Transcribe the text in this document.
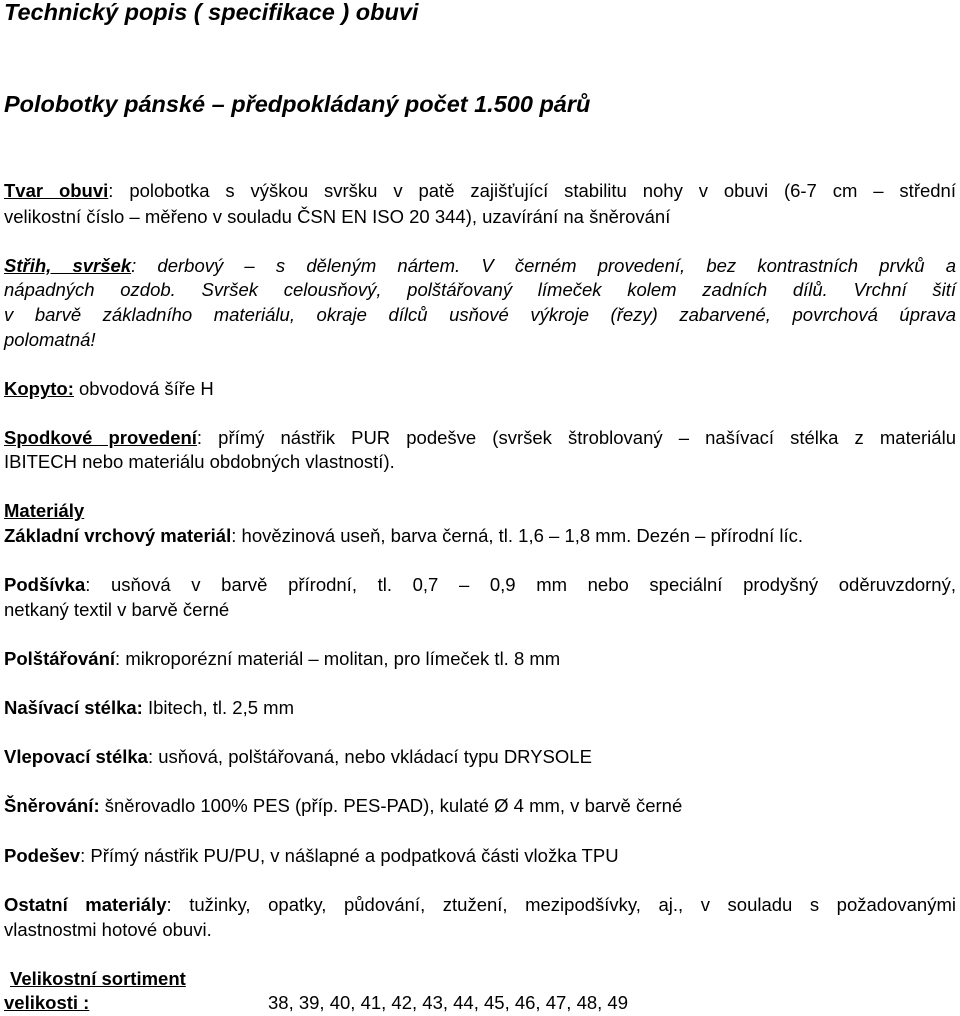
Technický popis ( specifikace ) obuvi
Polobotky pánské – předpokládaný počet 1.500 párů
Tvar obuvi: polobotka s výškou svršku v patě zajišťující stabilitu nohy v obuvi (6-7 cm – střední
velikostní číslo – měřeno v souladu ČSN EN ISO 20 344), uzavírání na šněrování
Střih, svršek: derbový – s děleným nártem. V černém provedení, bez kontrastních prvků a
nápadných ozdob. Svršek celousňový, polštářovaný límeček kolem zadních dílů. Vrchní šití
v barvě základního materiálu, okraje dílců usňové výkroje (řezy) zabarvené, povrchová úprava
polomatná!
Kopyto: obvodová šíře H
Spodkové provedení: přímý nástřik PUR podešve (svršek štroblovaný – našívací stélka z materiálu
IBITECH nebo materiálu obdobných vlastností).
Materiály
Základní vrchový materiál: hovězinová useň, barva černá, tl. 1,6 – 1,8 mm. Dezén – přírodní líc.
Podšívka: usňová v barvě přírodní, tl. 0,7 – 0,9 mm nebo speciální prodyšný oděruvzdorný,
netkaný textil v barvě černé
Polštářování: mikroporézní materiál – molitan, pro límeček tl. 8 mm
Našívací stélka: Ibitech, tl. 2,5 mm
Vlepovací stélka: usňová, polštářovaná, nebo vkládací typu DRYSOLE
Šněrování: šněrovadlo 100% PES (příp. PES-PAD), kulaté Ø 4 mm, v barvě černé
Podešev: Přímý nástřik PU/PU, v nášlapné a podpatková části vložka TPU
Ostatní materiály: tužinky, opatky, půdování, ztužení, mezipodšívky, aj., v souladu s požadovanými
vlastnostmi hotové obuvi.
Velikostní sortiment
velikosti :	38, 39, 40, 41, 42, 43, 44, 45, 46, 47, 48, 49
